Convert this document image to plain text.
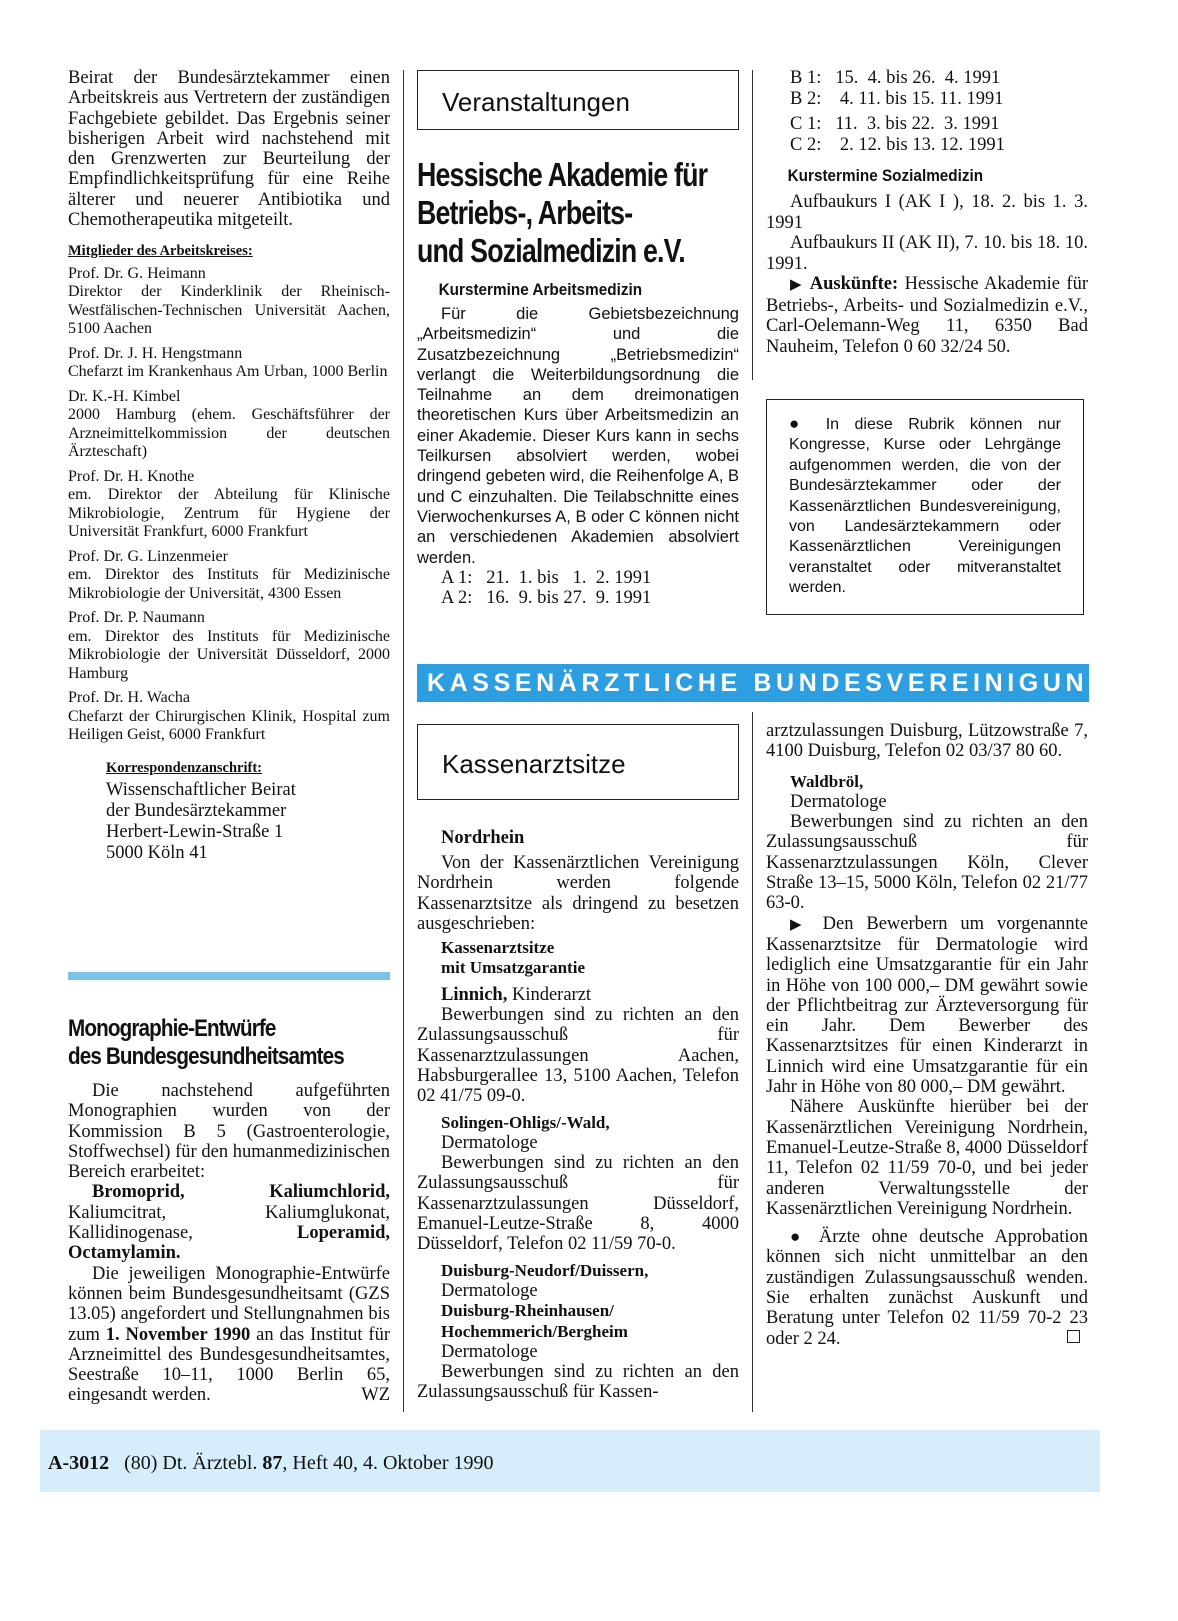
Beirat der Bundesärztekammer einen Arbeitskreis aus Vertretern der zuständigen Fachgebiete gebildet. Das Ergebnis seiner bisherigen Arbeit wird nachstehend mit den Grenzwerten zur Beurteilung der Empfindlichkeitsprüfung für eine Reihe älterer und neuerer Antibiotika und Chemotherapeutika mitgeteilt.

Mitglieder des Arbeitskreises:
Prof. Dr. G. Heimann
Direktor der Kinderklinik der Rheinisch-Westfälischen-Technischen Universität Aachen, 5100 Aachen
Prof. Dr. J. H. Hengstmann
Chefarzt im Krankenhaus Am Urban, 1000 Berlin
Dr. K.-H. Kimbel
2000 Hamburg (ehem. Geschäftsführer der Arzneimittelkommission der deutschen Ärzteschaft)
Prof. Dr. H. Knothe
em. Direktor der Abteilung für Klinische Mikrobiologie, Zentrum für Hygiene der Universität Frankfurt, 6000 Frankfurt
Prof. Dr. G. Linzenmeier
em. Direktor des Instituts für Medizinische Mikrobiologie der Universität, 4300 Essen
Prof. Dr. P. Naumann
em. Direktor des Instituts für Medizinische Mikrobiologie der Universität Düsseldorf, 2000 Hamburg
Prof. Dr. H. Wacha
Chefarzt der Chirurgischen Klinik, Hospital zum Heiligen Geist, 6000 Frankfurt
Korrespondenzanschrift:
Wissenschaftlicher Beirat
der Bundesärztekammer
Herbert-Lewin-Straße 1
5000 Köln 41
Monographie-Entwürfe
des Bundesgesundheitsamtes

Die nachstehend aufgeführten Monographien wurden von der Kommission B 5 (Gastroenterologie, Stoffwechsel) für den humanmedizinischen Bereich erarbeitet:

Bromoprid, Kaliumchlorid, Kaliumcitrat, Kaliumglukonat, Kallidinogenase, Loperamid, Octamylamin.

Die jeweiligen Monographie-Entwürfe können beim Bundesgesundheitsamt (GZS 13.05) angefordert und Stellungnahmen bis zum 1. November 1990 an das Institut für Arzneimittel des Bundesgesundheitsamtes, Seestraße 10–11, 1000 Berlin 65, eingesandt werden.	WZ
Veranstaltungen
Hessische Akademie für
Betriebs-, Arbeits-
und Sozialmedizin e.V.
Kurstermine Arbeitsmedizin

Für die Gebietsbezeichnung „Arbeitsmedizin“ und die Zusatzbezeichnung „Betriebsmedizin“ verlangt die Weiterbildungsordnung die Teilnahme an dem dreimonatigen theoretischen Kurs über Arbeitsmedizin an einer Akademie. Dieser Kurs kann in sechs Teilkursen absolviert werden, wobei dringend gebeten wird, die Reihenfolge A, B und C einzuhalten. Die Teilabschnitte eines Vierwochenkurses A, B oder C können nicht an verschiedenen Akademien absolviert werden.

A 1:   21.  1. bis   1.  2. 1991
A 2:   16.  9. bis 27.  9. 1991
B 1:   15.  4. bis 26.  4. 1991
B 2:    4. 11. bis 15. 11. 1991
C 1:   11.  3. bis 22.  3. 1991
C 2:    2. 12. bis 13. 12. 1991
Kurstermine Sozialmedizin

Aufbaukurs I (AK I ), 18. 2. bis 1. 3. 1991

Aufbaukurs II (AK II), 7. 10. bis 18. 10. 1991.

▶ Auskünfte: Hessische Akademie für Betriebs-, Arbeits- und Sozialmedizin e.V., Carl-Oelemann-Weg 11, 6350 Bad Nauheim, Telefon 0 60 32/24 50.

● In diese Rubrik können nur Kongresse, Kurse oder Lehrgänge aufgenommen werden, die von der Bundesärztekammer oder der Kassenärztlichen Bundesvereinigung, von Landesärztekammern oder Kassenärztlichen Vereinigungen veranstaltet oder mitveranstaltet werden.

KASSENÄRZTLICHE BUNDESVEREINIGUNG
Kassenarztsitze
Nordrhein

Von der Kassenärztlichen Vereinigung Nordrhein werden folgende Kassenarztsitze als dringend zu besetzen ausgeschrieben:

Kassenarztsitze
mit Umsatzgarantie
Linnich, Kinderarzt

Bewerbungen sind zu richten an den Zulassungsausschuß für Kassenarztzulassungen Aachen, Habsburgerallee 13, 5100 Aachen, Telefon 02 41/75 09-0.

Solingen-Ohligs/-Wald,
Dermatologe

Bewerbungen sind zu richten an den Zulassungsausschuß für Kassenarztzulassungen Düsseldorf, Emanuel-Leutze-Straße 8, 4000 Düsseldorf, Telefon 02 11/59 70-0.

Duisburg-Neudorf/Duissern,
Dermatologe
Duisburg-Rheinhausen/
Hochemmerich/Bergheim
Dermatologe

Bewerbungen sind zu richten an den Zulassungsausschuß für Kassen-

arztzulassungen Duisburg, Lützowstraße 7, 4100 Duisburg, Telefon 02 03/37 80 60.

Waldbröl,
Dermatologe

Bewerbungen sind zu richten an den Zulassungsausschuß für Kassenarztzulassungen Köln, Clever Straße 13–15, 5000 Köln, Telefon 02 21/77 63-0.

▶ Den Bewerbern um vorgenannte Kassenarztsitze für Dermatologie wird lediglich eine Umsatzgarantie für ein Jahr in Höhe von 100 000,– DM gewährt sowie der Pflichtbeitrag zur Ärzteversorgung für ein Jahr. Dem Bewerber des Kassenarztsitzes für einen Kinderarzt in Linnich wird eine Umsatzgarantie für ein Jahr in Höhe von 80 000,– DM gewährt.

Nähere Auskünfte hierüber bei der Kassenärztlichen Vereinigung Nordrhein, Emanuel-Leutze-Straße 8, 4000 Düsseldorf 11, Telefon 02 11/59 70-0, und bei jeder anderen Verwaltungsstelle der Kassenärztlichen Vereinigung Nordrhein.

● Ärzte ohne deutsche Approbation können sich nicht unmittelbar an den zuständigen Zulassungsausschuß wenden. Sie erhalten zunächst Auskunft und Beratung unter Telefon 02 11/59 70-2 23 oder 2 24.

A-3012 (80) Dt. Ärztebl. 87, Heft 40, 4. Oktober 1990
